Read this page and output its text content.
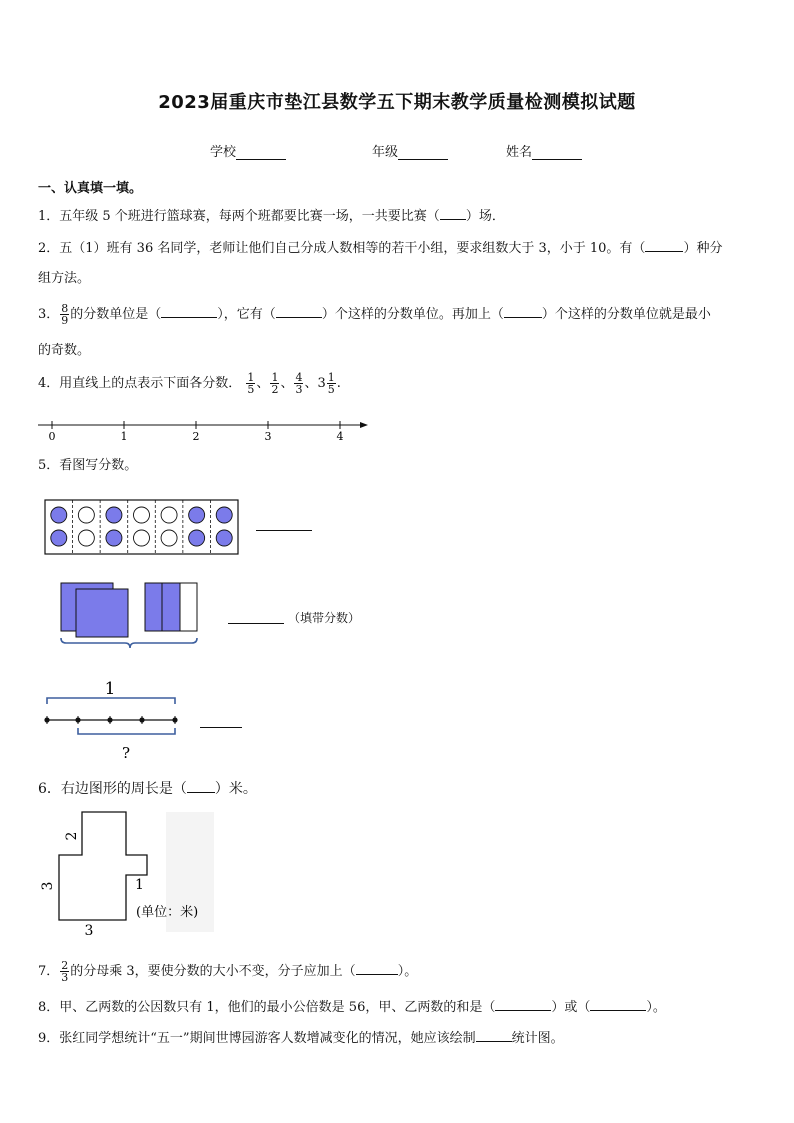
2023届重庆市垫江县数学五下期末教学质量检测模拟试题
学校	年级	姓名
一、认真填一填。
1．五年级 5 个班进行篮球赛，每两个班都要比赛一场，一共要比赛（ ）场．
2．五（1）班有 36 名同学，老师让他们自己分成人数相等的若干小组，要求组数大于 3，小于 10。有（	）种分
组方法。
3． $\frac{8}{9}$ 的分数单位是（	），它有（	）个这样的分数单位。再加上（	）个这样的分数单位就是最小
的奇数。
4．用直线上的点表示下面各分数． $\frac{1}{5}$ 、 $\frac{1}{2}$ 、 $\frac{4}{3}$ 、$3 \frac{1}{5}$ .
0	1	2	3	4
5．看图写分数。
（填带分数）
1
?
6．右边图形的周长是（ ）米。
2
3	1
3
(单位：米)
7． $\frac{2}{3}$ 的分母乘 3，要使分数的大小不变，分子应加上（	）。
8．甲、乙两数的公因数只有 1，他们的最小公倍数是 56，甲、乙两数的和是（	）或（	）。
9．张红同学想统计“五一”期间世博园游客人数增减变化的情况，她应该绘制	统计图。
